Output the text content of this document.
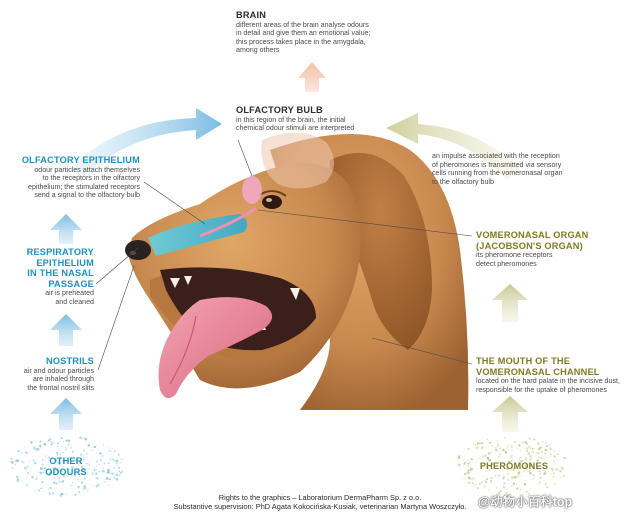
BRAIN
different areas of the brain analyse odours
in detail and give them an emotional value;
this process takes place in the amygdala,
among others
OLFACTORY BULB
in this region of the brain, the initial
chemical odour stimuli are interpreted
OLFACTORY EPITHELIUM
odour particles attach themselves
to the receptors in the olfactory
epithelium; the stimulated receptors
send a signal to the olfactory bulb
RESPIRATORY
EPITHELIUM
IN THE NASAL
PASSAGE
air is preheated
and cleaned
NOSTRILS
air and odour particles
are inhaled through
the frontal nostril slits
OTHER
ODOURS
an impulse associated with the reception
of pheromones is transmitted via sensory
cells running from the vomeronasal organ
to the olfactory bulb
VOMERONASAL ORGAN
(JACOBSON'S ORGAN)
its pheromone receptors
detect pheromones
THE MOUTH OF THE
VOMERONASAL CHANNEL
located on the hard palate in the incisive dust,
responsible for the uptake of pheromones
PHEROMONES
Rights to the graphics – Laboratorium DermaPharm Sp. z o.o.
Substantive supervision: PhD Agata Kokocińska-Kusiak, veterinarian Martyna Woszczyło. @动物小百科top
